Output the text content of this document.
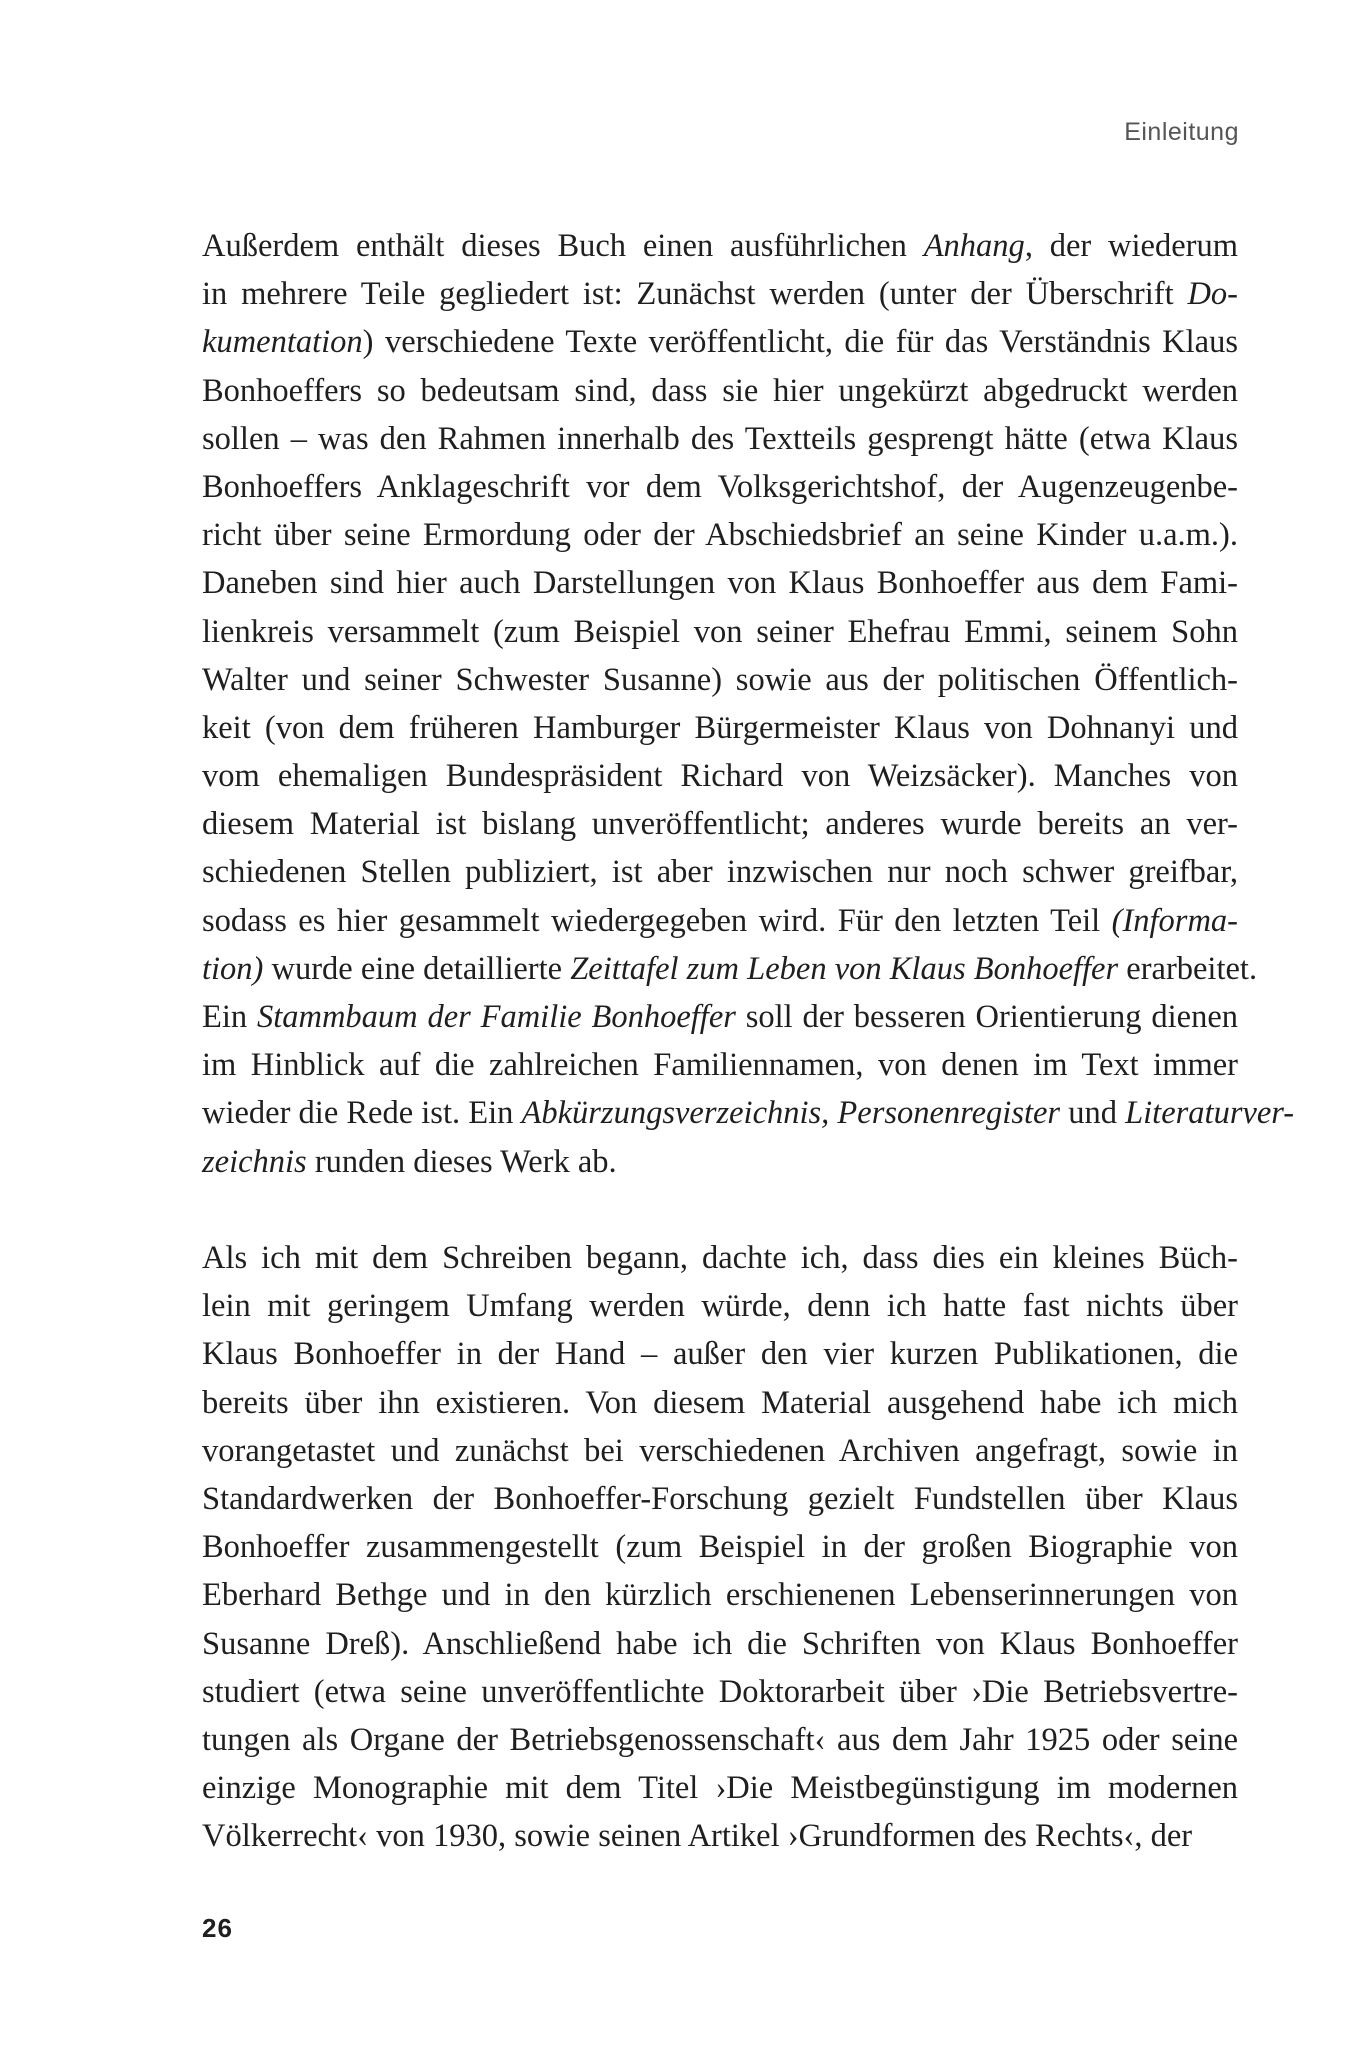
Einleitung
Außerdem enthält dieses Buch einen ausführlichen Anhang, der wiederum
in mehrere Teile gegliedert ist: Zunächst werden (unter der Überschrift Do-
kumentation) verschiedene Texte veröffentlicht, die für das Verständnis Klaus
Bonhoeffers so bedeutsam sind, dass sie hier ungekürzt abgedruckt werden
sollen – was den Rahmen innerhalb des Textteils gesprengt hätte (etwa Klaus
Bonhoeffers Anklageschrift vor dem Volksgerichtshof, der Augenzeugenbe-
richt über seine Ermordung oder der Abschiedsbrief an seine Kinder u.a.m.).
Daneben sind hier auch Darstellungen von Klaus Bonhoeffer aus dem Fami-
lienkreis versammelt (zum Beispiel von seiner Ehefrau Emmi, seinem Sohn
Walter und seiner Schwester Susanne) sowie aus der politischen Öffentlich-
keit (von dem früheren Hamburger Bürgermeister Klaus von Dohnanyi und
vom ehemaligen Bundespräsident Richard von Weizsäcker). Manches von
diesem Material ist bislang unveröffentlicht; anderes wurde bereits an ver-
schiedenen Stellen publiziert, ist aber inzwischen nur noch schwer greifbar,
sodass es hier gesammelt wiedergegeben wird. Für den letzten Teil (Informa-
tion) wurde eine detaillierte Zeittafel zum Leben von Klaus Bonhoeffer erarbeitet.
Ein Stammbaum der Familie Bonhoeffer soll der besseren Orientierung dienen
im Hinblick auf die zahlreichen Familiennamen, von denen im Text immer
wieder die Rede ist. Ein Abkürzungsverzeichnis, Personenregister und Literaturver-
zeichnis runden dieses Werk ab.
Als ich mit dem Schreiben begann, dachte ich, dass dies ein kleines Büch-
lein mit geringem Umfang werden würde, denn ich hatte fast nichts über
Klaus Bonhoeffer in der Hand – außer den vier kurzen Publikationen, die
bereits über ihn existieren. Von diesem Material ausgehend habe ich mich
vorangetastet und zunächst bei verschiedenen Archiven angefragt, sowie in
Standardwerken der Bonhoeffer-Forschung gezielt Fundstellen über Klaus
Bonhoeffer zusammengestellt (zum Beispiel in der großen Biographie von
Eberhard Bethge und in den kürzlich erschienenen Lebenserinnerungen von
Susanne Dreß). Anschließend habe ich die Schriften von Klaus Bonhoeffer
studiert (etwa seine unveröffentlichte Doktorarbeit über ›Die Betriebsvertre-
tungen als Organe der Betriebsgenossenschaft‹ aus dem Jahr 1925 oder seine
einzige Monographie mit dem Titel ›Die Meistbegünstigung im modernen
Völkerrecht‹ von 1930, sowie seinen Artikel ›Grundformen des Rechts‹, der
26
